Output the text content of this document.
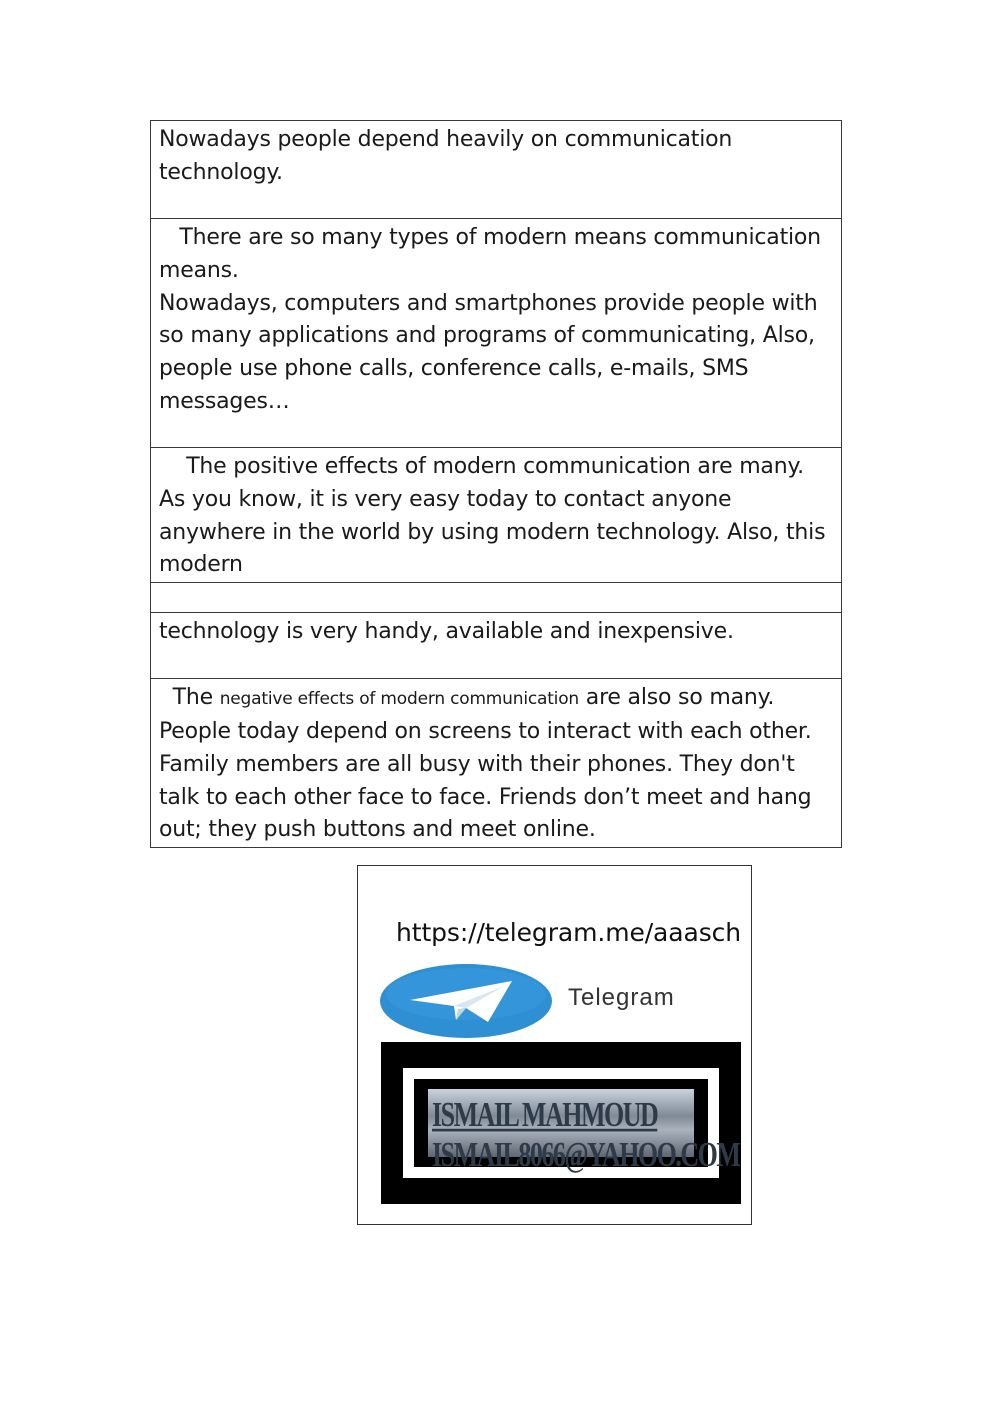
Nowadays people depend heavily on communication technology.

There are so many types of modern means communication means.

Nowadays, computers and smartphones provide people with so many applications and programs of communicating, Also, people use phone calls, conference calls, e-mails, SMS messages…

The positive effects of modern communication are many. As you know, it is very easy today to contact anyone anywhere in the world by using modern technology. Also, this modern

technology is very handy, available and inexpensive.

The negative effects of modern communication are also so many. People today depend on screens to interact with each other. Family members are all busy with their phones. They don't talk to each other face to face. Friends don’t meet and hang out; they push buttons and meet online.

https://telegram.me/aaasch
Telegram
ISMAIL MAHMOUD
ISMAIL8066@YAHOO.COM
